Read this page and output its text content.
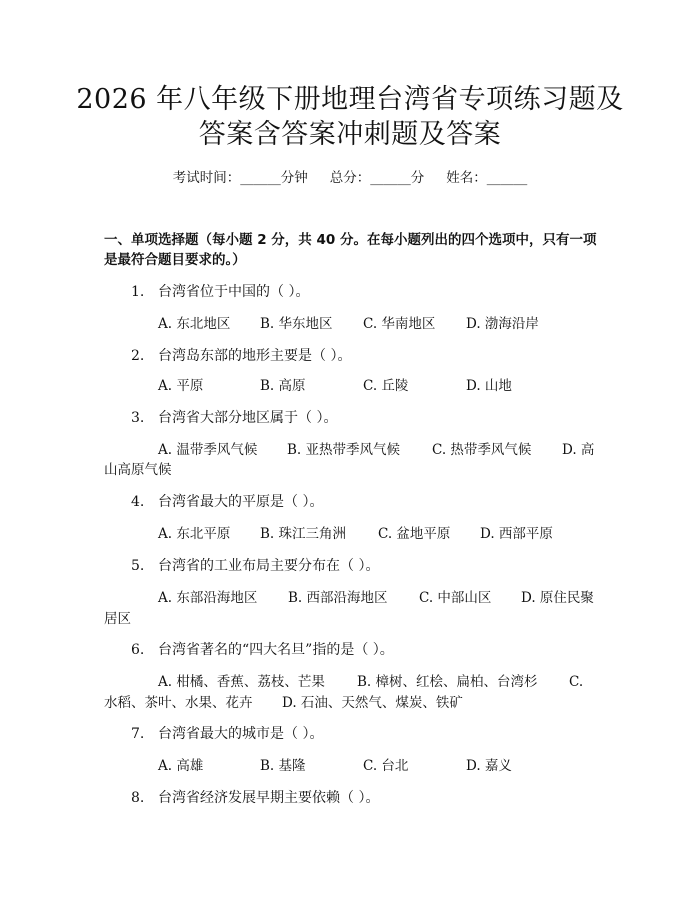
2026 年八年级下册地理台湾省专项练习题及
答案含答案冲刺题及答案
考试时间：______分钟 总分：______分 姓名：______
一、单项选择题（每小题 2 分，共 40 分。在每小题列出的四个选项中，只有一项是最符合题目要求的。）
1. 台湾省位于中国的（ ）。
A. 东北地区 B. 华东地区 C. 华南地区 D. 渤海沿岸
2. 台湾岛东部的地形主要是（ ）。
A. 平原	B. 高原	C. 丘陵	D. 山地
3. 台湾省大部分地区属于（ ）。
A. 温带季风气候 B. 亚热带季风气候 C. 热带季风气候 D. 高
山高原气候
4. 台湾省最大的平原是（ ）。
A. 东北平原 B. 珠江三角洲 C. 盆地平原 D. 西部平原
5. 台湾省的工业布局主要分布在（ ）。
A. 东部沿海地区 B. 西部沿海地区 C. 中部山区 D. 原住民聚
居区
6. 台湾省著名的“四大名旦”指的是（ ）。
A. 柑橘、香蕉、荔枝、芒果 B. 樟树、红桧、扁柏、台湾杉 C.
水稻、茶叶、水果、花卉 D. 石油、天然气、煤炭、铁矿
7. 台湾省最大的城市是（ ）。
A. 高雄	B. 基隆	C. 台北	D. 嘉义
8. 台湾省经济发展早期主要依赖（ ）。
